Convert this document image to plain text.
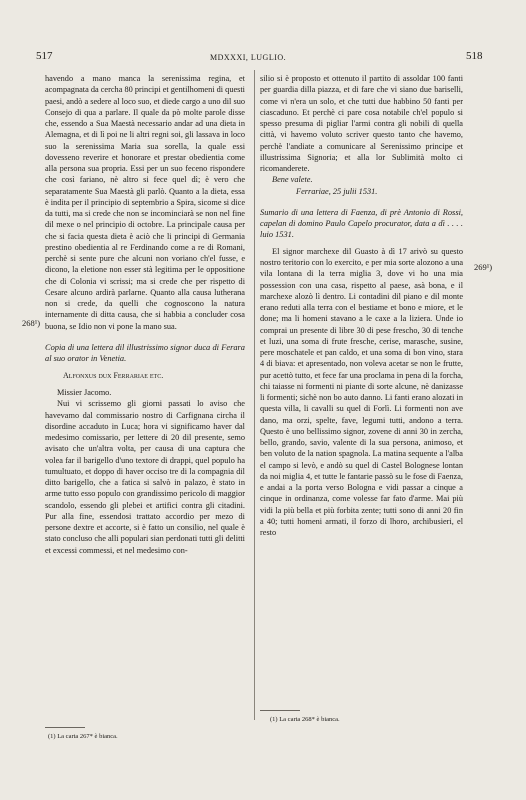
517	MDXXXI, LUGLIO.	518

havendo a mano manca la serenissima regina, et acompagnata da cercha 80 principi et gentilhomeni di questi paesi, andò a sedere al loco suo, et diede cargo a uno dil suo Consejo di qua a parlare. Il quale da pò molte parole disse che, essendo a Sua Maestà necessario andar ad una dieta in Alemagna, et di lì poi ne li altri regni soi, gli lassava in loco suo la serenissima Maria sua sorella, la quale essi dovesseno reverire et honorare et prestar obedientia come alla persona sua propria. Essi per un suo feceno rispondere che così fariano, nè altro si fece quel dì; è vero che separatamente Sua Maestà gli parlò. Quanto a la dieta, essa è indita per il principio di septembrio a Spira, sicome si dice da tutti, ma si crede che non se incominciarà se non nel fine dil mexe o nel principio di octobre. La principale causa per che si facia questa dieta è aciò che li principi di Germania prestino obedientia al re Ferdinando come a re di Romani, perchè si sente pure che alcuni non voriano ch'el fusse, e dicono, la eletione non esser stà legitima per le oppositione che di Colonia vi scrissi; ma si crede che per rispetto di Cesare alcuno ardirà parlarne. Quanto alla causa lutherana non si crede, da quelli che cognoscono la natura internamente di ditta causa, che si habbia a concluder cosa buona, se Idio non vi pone la mano sua.

Copia di una lettera dil illustrissimo signor duca di Ferara al suo orator in Venetia.

Alfonxus dux Ferrariae etc.

Missier Jacomo.

Nui vi scrissemo gli giorni passati lo aviso che havevamo dal commissario nostro di Carfignana circha il disordine accaduto in Luca; hora vi significamo haver dal medesimo comissario, per lettere di 20 dil presente, semo avisato che un'altra volta, per causa di una captura che volea far il barigello d'uno textore di drappi, quel populo ha tumultuato, et doppo di haver occiso tre di la compagnia dil ditto barigello, che a fatica si salvò in palazo, è stato in arme tutto esso populo con grandissimo pericolo di maggior scandolo, essendo gli plebei et artifici contra gli citadini. Pur alla fine, essendosi trattato accordio per mezo di persone dextre et accorte, si è fatto un consilio, nel quale è stato concluso che alli populari sian perdonati tutti gli delitti et excessi commessi, et nel medesimo con-

268¹)

silio si è proposto et ottenuto il partito di assoldar 100 fanti per guardia dilla piazza, et di fare che vi siano due bariselli, come vi n'era un solo, et che tutti due habbino 50 fanti per ciascaduno. Et perchè ci pare cosa notabile ch'el populo si spesso presuma di pigliar l'armi contra gli nobili di quella città, vi havemo voluto scriver questo tanto che havemo, perchè l'andiate a comunicare al Serenissimo principe et illustrissima Signoria; et alla lor Sublimità molto ci ricomanderete.

Bene valete.

Ferrariae, 25 julii 1531.

Sumario di una lettera di Faenza, di prè Antonio di Rossi, capelan di domino Paulo Capelo procurator, data a dì . . . . luio 1531.

El signor marchexe dil Guasto à dì 17 arivò su questo nostro teritorio con lo exercito, e per mia sorte alozono a una vila lontana di la terra miglia 3, dove vi ho una mia possession con una casa, rispetto al paese, asà bona, e il marchexe alozò lì dentro. Li contadini dil piano e dil monte erano reduti alla terra con el bestiame et bono e miore, et le done; ma li homeni stavano a le caxe a la liziera. Unde io comprai un presente di libre 30 di pese frescho, 30 di tenche et luzi, una soma di frute fresche, cerise, marasche, susine, pere moschatele et pan caldo, et una soma di bon vino, stara 4 di biava: et apresentado, non voleva acetar se non le frutte, pur acettò tutto, et fece far una proclama in pena di la forcha, chi taiasse ni formenti ni piante di sorte alcune, nè danizasse li formenti; sichè non bo auto danno. Li fanti erano alozati in questa villa, li cavalli su quel di Forlì. Li formenti non ave dano, ma orzi, spelte, fave, legumi tutti, andono a terra. Questo è uno bellissimo signor, zovene di anni 30 in zercha, bello, grando, savio, valente di la sua persona, animoso, et ben voluto de la nation spagnola. La matina sequente a l'alba el campo si levò, e andò su quel di Castel Bolognese lontan da noi miglia 4, et tutte le fantarie passò su le fose di Faenza, e andai a la porta verso Bologna e vidi passar a cinque a cinque in ordinanza, come volesse far fato d'arme. Mai più vidi la più bella et più forbita zente; tutti sono di anni 20 fin a 40; tutti homeni armati, il forzo di lhoro, archibusieri, el resto

269¹)
(1) La carta 267* è bianca.
(1) La carta 268* è bianca.
